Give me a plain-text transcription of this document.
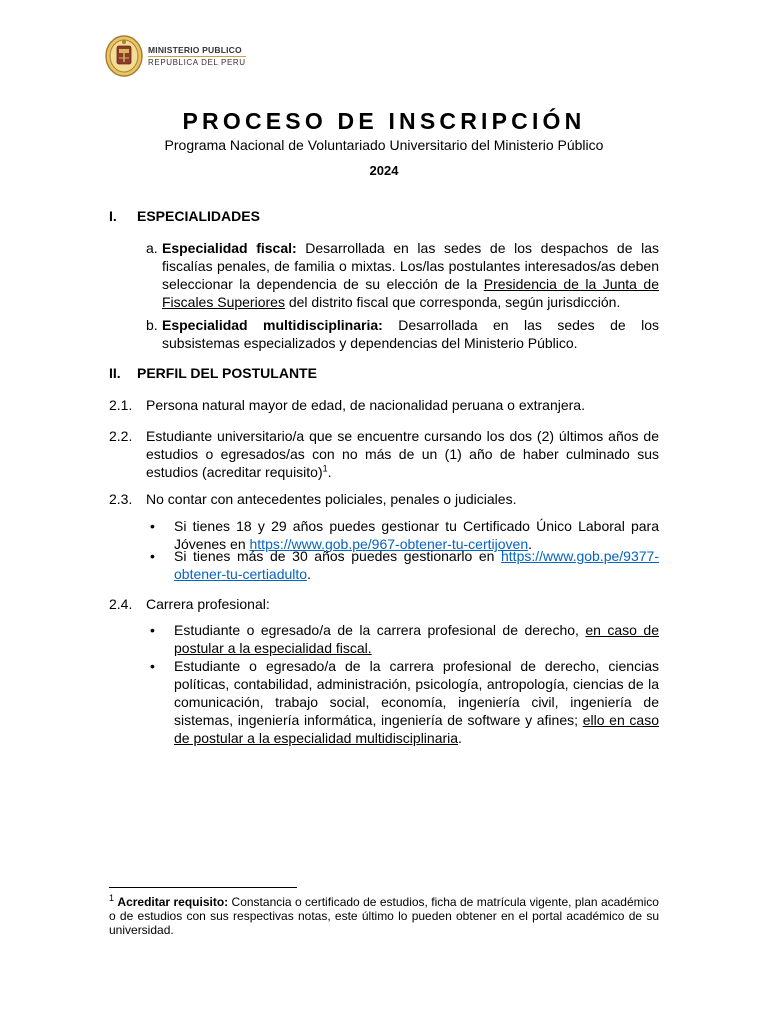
MINISTERIO PUBLICO
REPUBLICA DEL PERU
PROCESO DE INSCRIPCIÓN

Programa Nacional de Voluntariado Universitario del Ministerio Público

2024

I. ESPECIALIDADES
a. Especialidad fiscal: Desarrollada en las sedes de los despachos de las fiscalías penales, de familia o mixtas. Los/las postulantes interesados/as deben seleccionar la dependencia de su elección de la Presidencia de la Junta de Fiscales Superiores del distrito fiscal que corresponda, según jurisdicción.
b. Especialidad multidisciplinaria: Desarrollada en las sedes de los subsistemas especializados y dependencias del Ministerio Público.
II. PERFIL DEL POSTULANTE
2.1. Persona natural mayor de edad, de nacionalidad peruana o extranjera.
2.2. Estudiante universitario/a que se encuentre cursando los dos (2) últimos años de estudios o egresados/as con no más de un (1) año de haber culminado sus estudios (acreditar requisito)$^1$.
2.3. No contar con antecedentes policiales, penales o judiciales.
• Si tienes 18 y 29 años puedes gestionar tu Certificado Único Laboral para Jóvenes en https://www.gob.pe/967-obtener-tu-certijoven.
• Si tienes más de 30 años puedes gestionarlo en https://www.gob.pe/9377-obtener-tu-certiadulto.
2.4. Carrera profesional:
• Estudiante o egresado/a de la carrera profesional de derecho, en caso de postular a la especialidad fiscal.
• Estudiante o egresado/a de la carrera profesional de derecho, ciencias políticas, contabilidad, administración, psicología, antropología, ciencias de la comunicación, trabajo social, economía, ingeniería civil, ingeniería de sistemas, ingeniería informática, ingeniería de software y afines; ello en caso de postular a la especialidad multidisciplinaria.
$^1$ Acreditar requisito: Constancia o certificado de estudios, ficha de matrícula vigente, plan académico o de estudios con sus respectivas notas, este último lo pueden obtener en el portal académico de su universidad.
